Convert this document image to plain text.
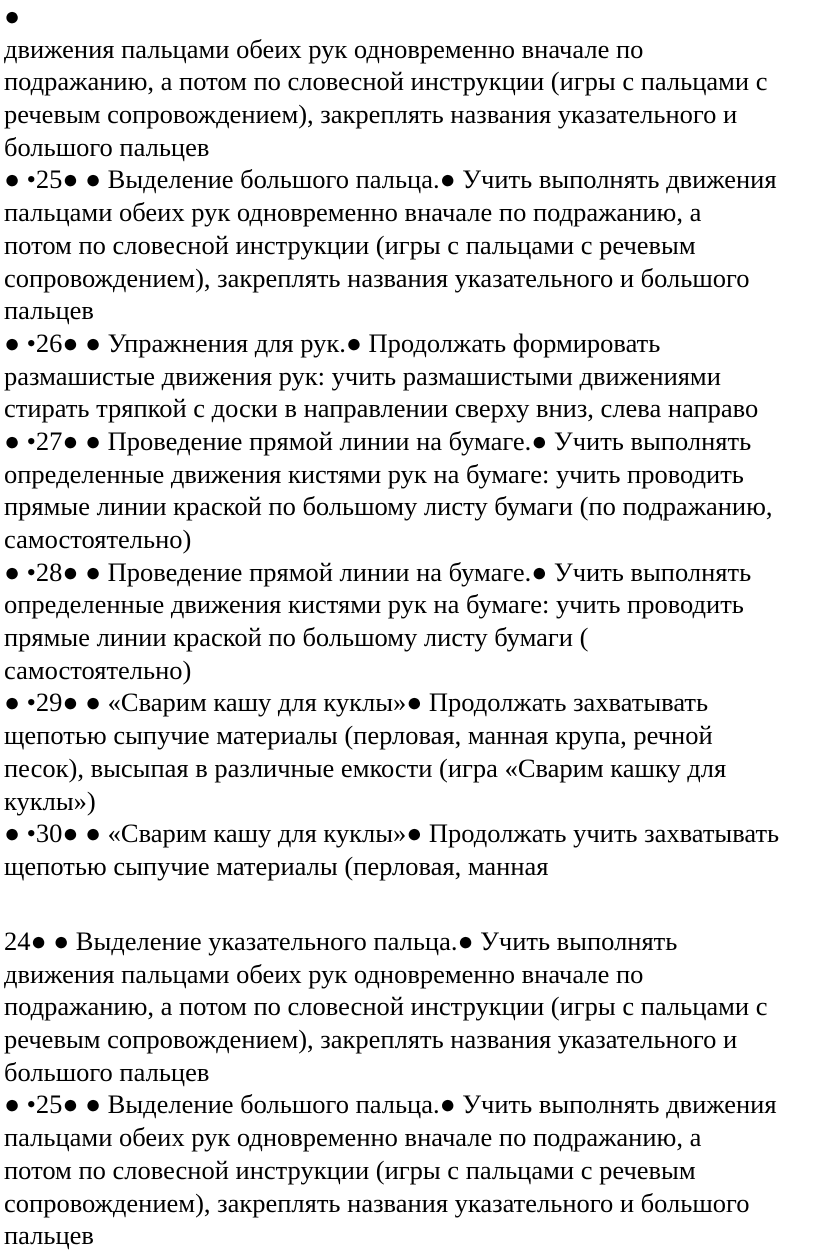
●
движения пальцами обеих рук одновременно вначале по
подражанию, а потом по словесной инструкции (игры с пальцами с
речевым сопровождением), закреплять названия указательного и
большого пальцев
● •25● ● Выделение большого пальца.● Учить выполнять движения
пальцами обеих рук одновременно вначале по подражанию, а
потом по словесной инструкции (игры с пальцами с речевым
сопровождением), закреплять названия указательного и большого
пальцев
● •26● ● Упражнения для рук.● Продолжать формировать
размашистые движения рук: учить размашистыми движениями
стирать тряпкой с доски в направлении сверху вниз, слева направо
● •27● ● Проведение прямой линии на бумаге.● Учить выполнять
определенные движения кистями рук на бумаге: учить проводить
прямые линии краской по большому листу бумаги (по подражанию,
самостоятельно)
● •28● ● Проведение прямой линии на бумаге.● Учить выполнять
определенные движения кистями рук на бумаге: учить проводить
прямые линии краской по большому листу бумаги (
самостоятельно)
● •29● ● «Сварим кашу для куклы»● Продолжать захватывать
щепотью сыпучие материалы (перловая, манная крупа, речной
песок), высыпая в различные емкости (игра «Сварим кашку для
куклы»)
● •30● ● «Сварим кашу для куклы»● Продолжать учить захватывать
щепотью сыпучие материалы (перловая, манная
24● ● Выделение указательного пальца.● Учить выполнять
движения пальцами обеих рук одновременно вначале по
подражанию, а потом по словесной инструкции (игры с пальцами с
речевым сопровождением), закреплять названия указательного и
большого пальцев
● •25● ● Выделение большого пальца.● Учить выполнять движения
пальцами обеих рук одновременно вначале по подражанию, а
потом по словесной инструкции (игры с пальцами с речевым
сопровождением), закреплять названия указательного и большого
пальцев
